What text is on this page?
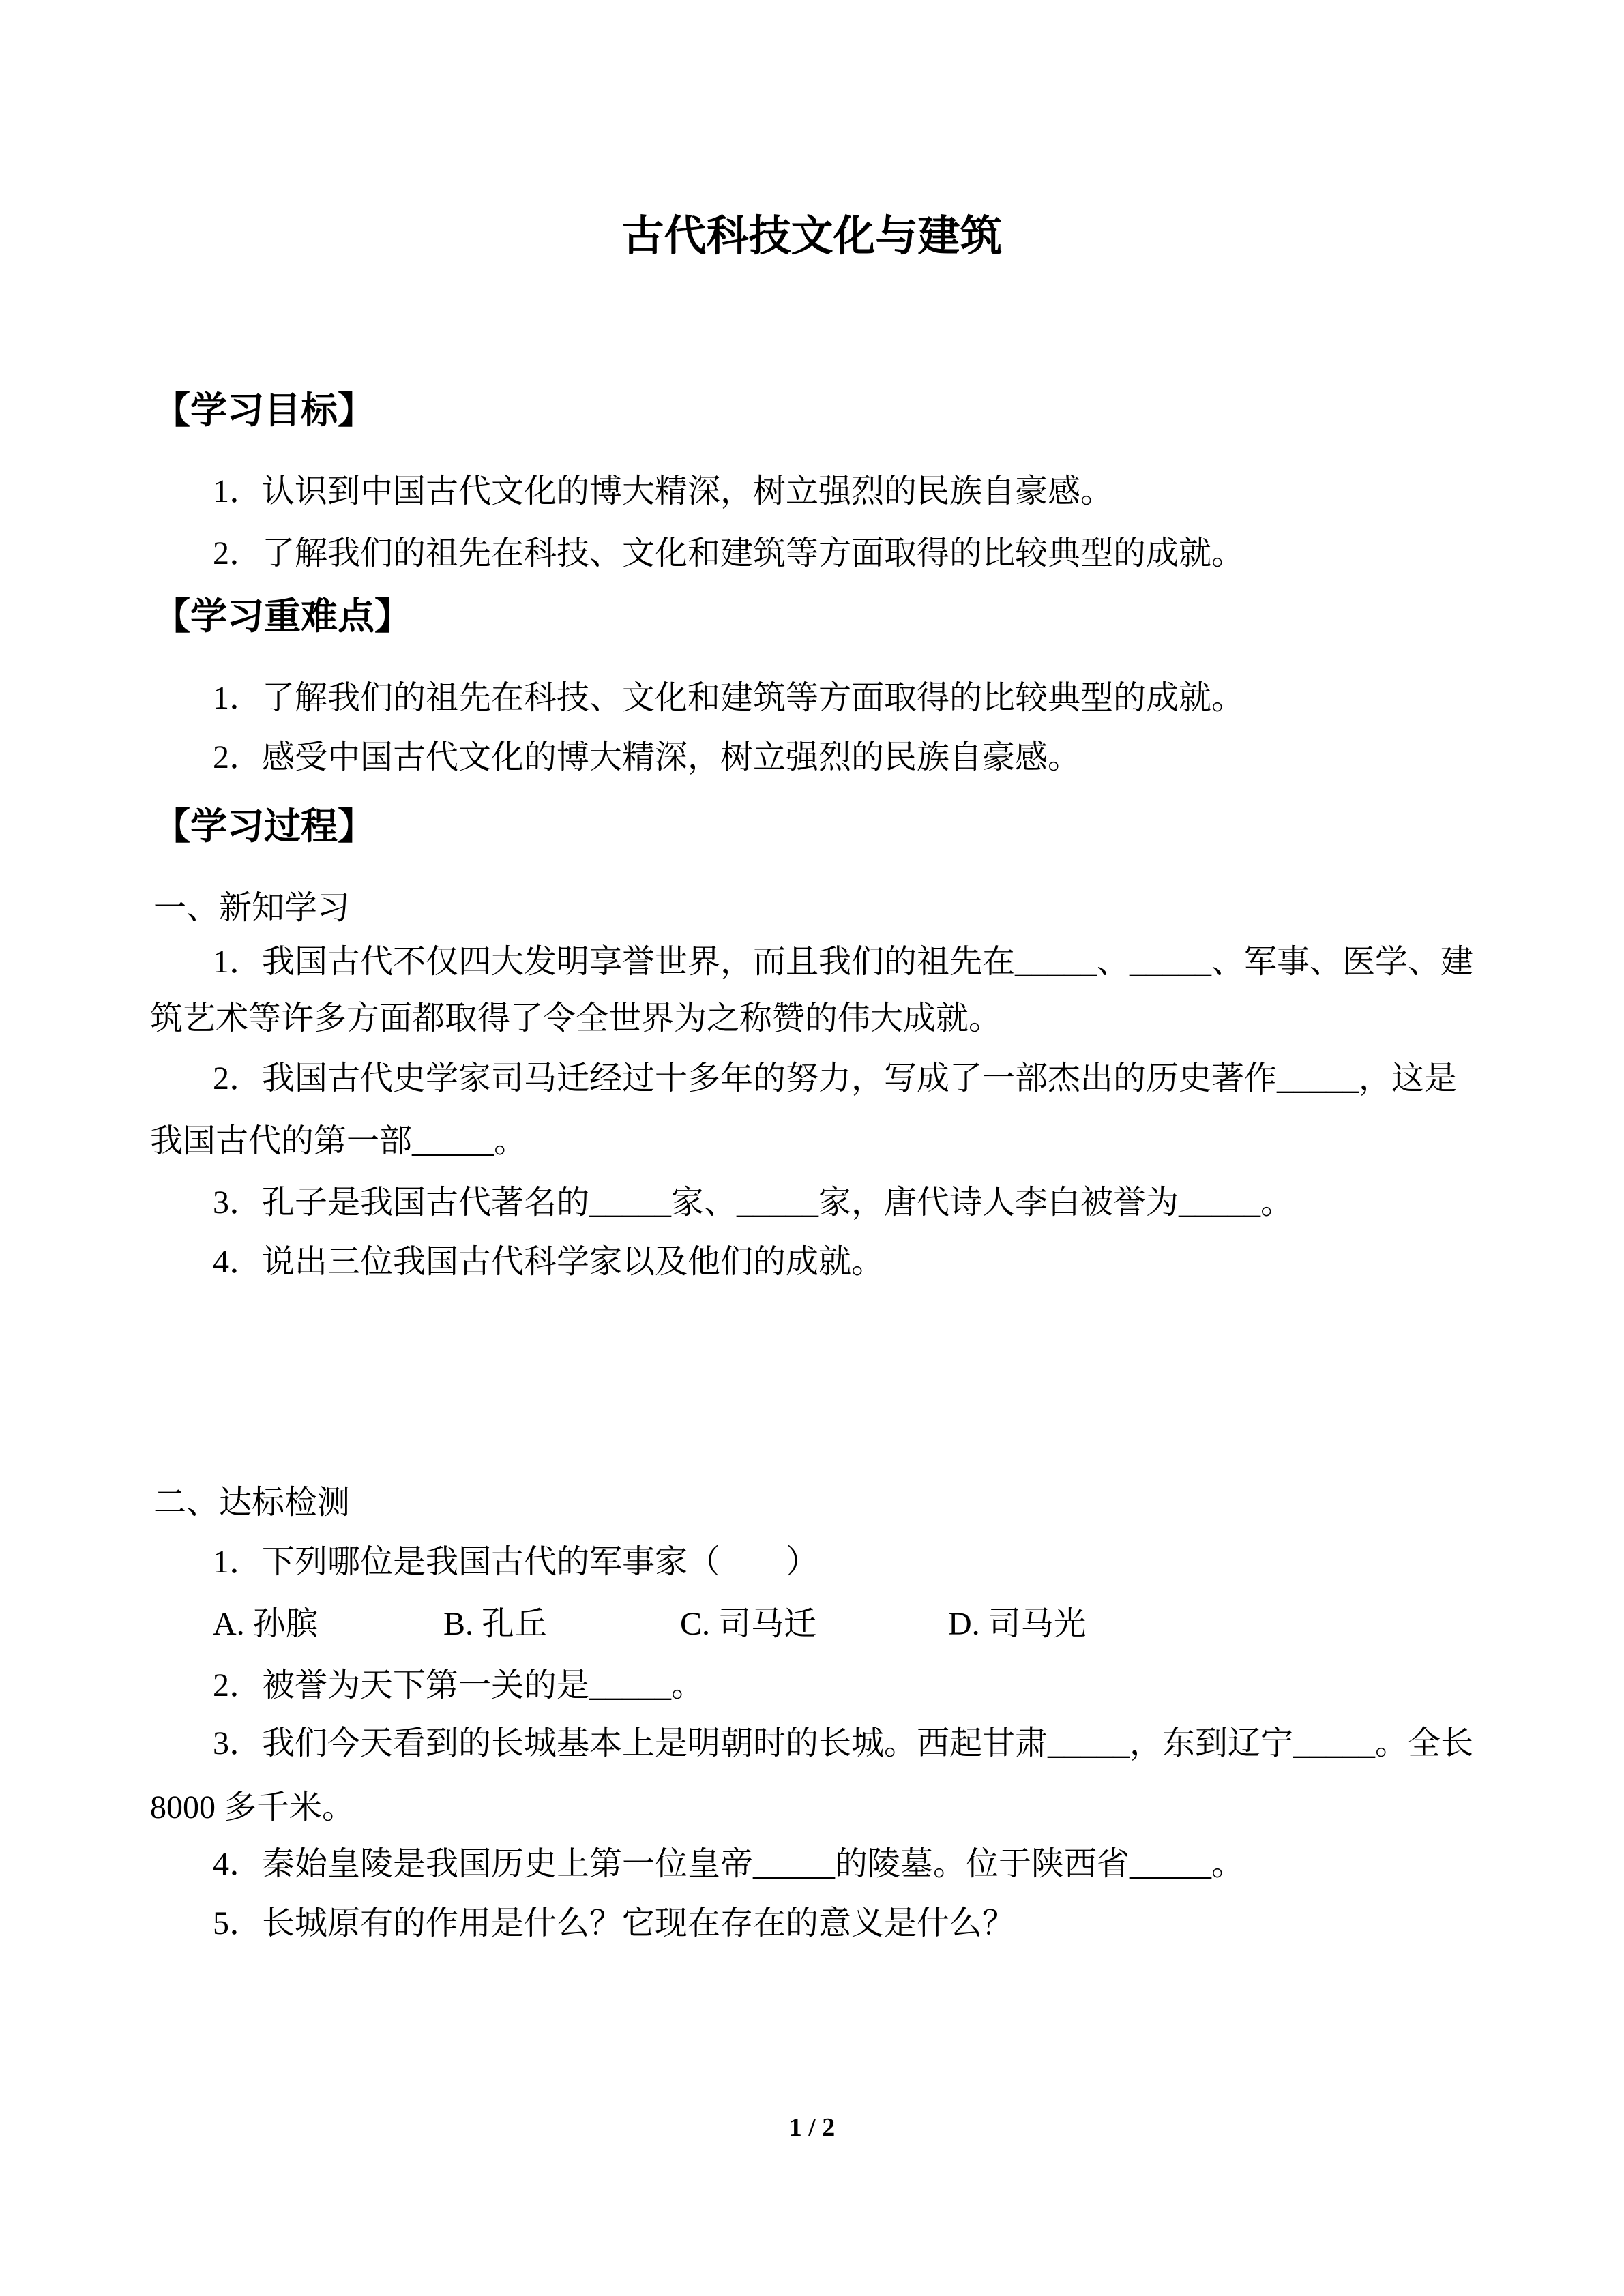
古代科技文化与建筑
【学习目标】
1．认识到中国古代文化的博大精深，树立强烈的民族自豪感。
2．了解我们的祖先在科技、文化和建筑等方面取得的比较典型的成就。
【学习重难点】
1．了解我们的祖先在科技、文化和建筑等方面取得的比较典型的成就。
2．感受中国古代文化的博大精深，树立强烈的民族自豪感。
【学习过程】
一、新知学习
1．我国古代不仅四大发明享誉世界，而且我们的祖先在_____、_____、军事、医学、建
筑艺术等许多方面都取得了令全世界为之称赞的伟大成就。
2．我国古代史学家司马迁经过十多年的努力，写成了一部杰出的历史著作_____，这是
我国古代的第一部_____。
3．孔子是我国古代著名的_____家、_____家，唐代诗人李白被誉为_____。
4．说出三位我国古代科学家以及他们的成就。
二、达标检测
1．下列哪位是我国古代的军事家（　　）
A. 孙膑	B. 孔丘	C. 司马迁	D. 司马光
2．被誉为天下第一关的是_____。
3．我们今天看到的长城基本上是明朝时的长城。西起甘肃_____，东到辽宁_____。全长
8000 多千米。
4．秦始皇陵是我国历史上第一位皇帝_____的陵墓。位于陕西省_____。
5．长城原有的作用是什么？它现在存在的意义是什么？
1 / 2
